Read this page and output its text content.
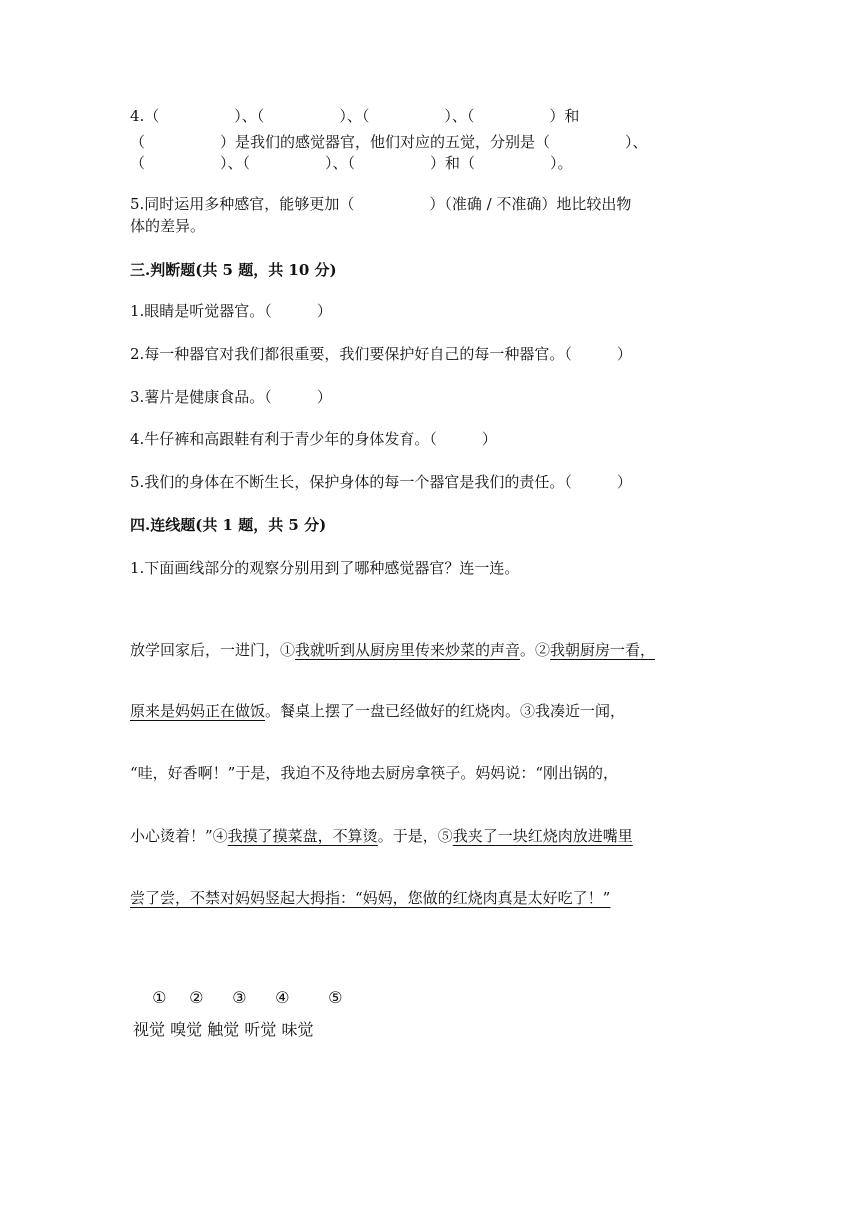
4.（　　　　　）、（　　　　　）、（　　　　　）、（　　　　　）和
（　　　　　）是我们的感觉器官，他们对应的五觉，分别是（　　　　　）、
（　　　　　）、（　　　　　）、（　　　　　）和（　　　　　）。
5.同时运用多种感官，能够更加（　　　　　）（准确 / 不准确）地比较出物
体的差异。
三.判断题(共 5 题，共 10 分)
1.眼睛是听觉器官。（　　　）
2.每一种器官对我们都很重要，我们要保护好自己的每一种器官。（　　　）
3.薯片是健康食品。（　　　）
4.牛仔裤和高跟鞋有利于青少年的身体发育。（　　　）
5.我们的身体在不断生长，保护身体的每一个器官是我们的责任。（　　　）
四.连线题(共 1 题，共 5 分)
1.下面画线部分的观察分别用到了哪种感觉器官？连一连。
放学回家后，一进门，①我就听到从厨房里传来炒菜的声音。②我朝厨房一看，
原来是妈妈正在做饭。餐桌上摆了一盘已经做好的红烧肉。③我凑近一闻，
“哇，好香啊！”于是，我迫不及待地去厨房拿筷子。妈妈说：“刚出锅的，
小心烫着！”④我摸了摸菜盘，不算烫。于是，⑤我夹了一块红烧肉放进嘴里
尝了尝，不禁对妈妈竖起大拇指：“妈妈，您做的红烧肉真是太好吃了！”

① ② ③ ④ ⑤

视觉 嗅觉 触觉 听觉 味觉
